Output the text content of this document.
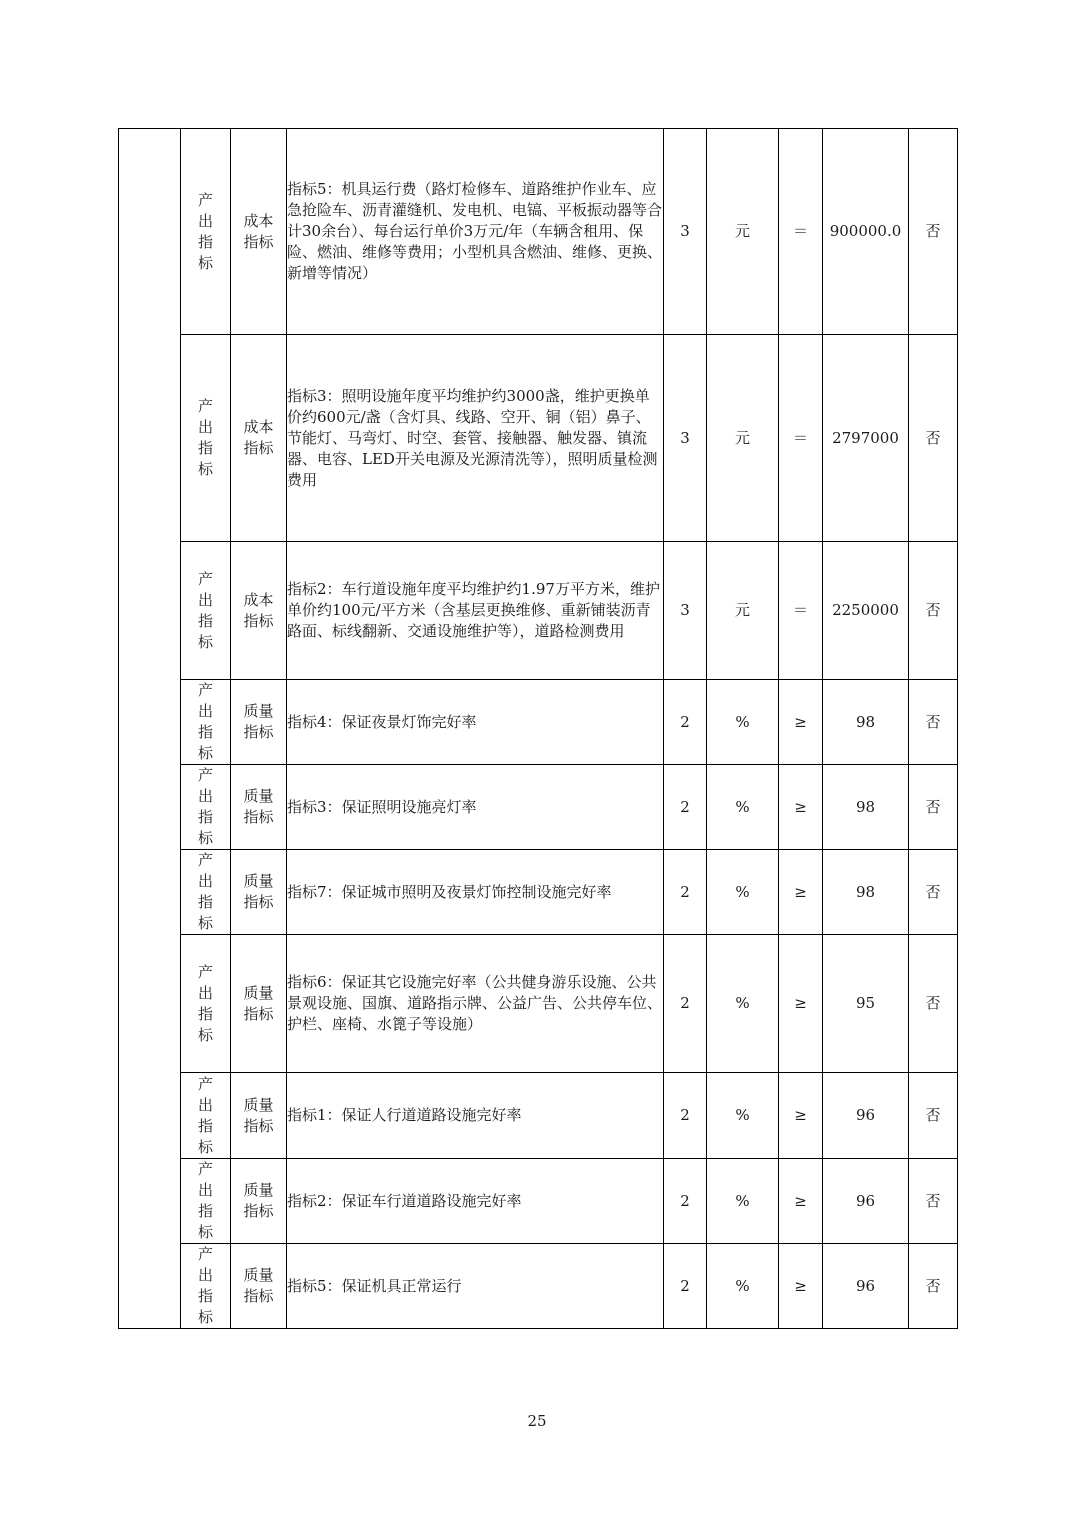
	产出指标	成本指标	指标5：机具运行费（路灯检修车、道路维护作业车、应急抢险车、沥青灌缝机、发电机、电镐、平板振动器等合计30余台）、每台运行单价3万元/年（车辆含租用、保险、燃油、维修等费用；小型机具含燃油、维修、更换、新增等情况）	3	元	＝	900000.0	否
	产出指标	成本指标	指标3：照明设施年度平均维护约3000盏，维护更换单价约600元/盏（含灯具、线路、空开、铜（铝）鼻子、节能灯、马弯灯、时空、套管、接触器、触发器、镇流器、电容、LED开关电源及光源清洗等），照明质量检测费用	3	元	＝	2797000	否
	产出指标	成本指标	指标2：车行道设施年度平均维护约1.97万平方米，维护单价约100元/平方米（含基层更换维修、重新铺装沥青路面、标线翻新、交通设施维护等），道路检测费用	3	元	＝	2250000	否
	产出指标	质量指标	指标4：保证夜景灯饰完好率	2	%	≥	98	否
	产出指标	质量指标	指标3：保证照明设施亮灯率	2	%	≥	98	否
	产出指标	质量指标	指标7：保证城市照明及夜景灯饰控制设施完好率	2	%	≥	98	否
	产出指标	质量指标	指标6：保证其它设施完好率（公共健身游乐设施、公共景观设施、国旗、道路指示牌、公益广告、公共停车位、护栏、座椅、水篦子等设施）	2	%	≥	95	否
	产出指标	质量指标	指标1：保证人行道道路设施完好率	2	%	≥	96	否
	产出指标	质量指标	指标2：保证车行道道路设施完好率	2	%	≥	96	否
	产出指标	质量指标	指标5：保证机具正常运行	2	%	≥	96	否
25
